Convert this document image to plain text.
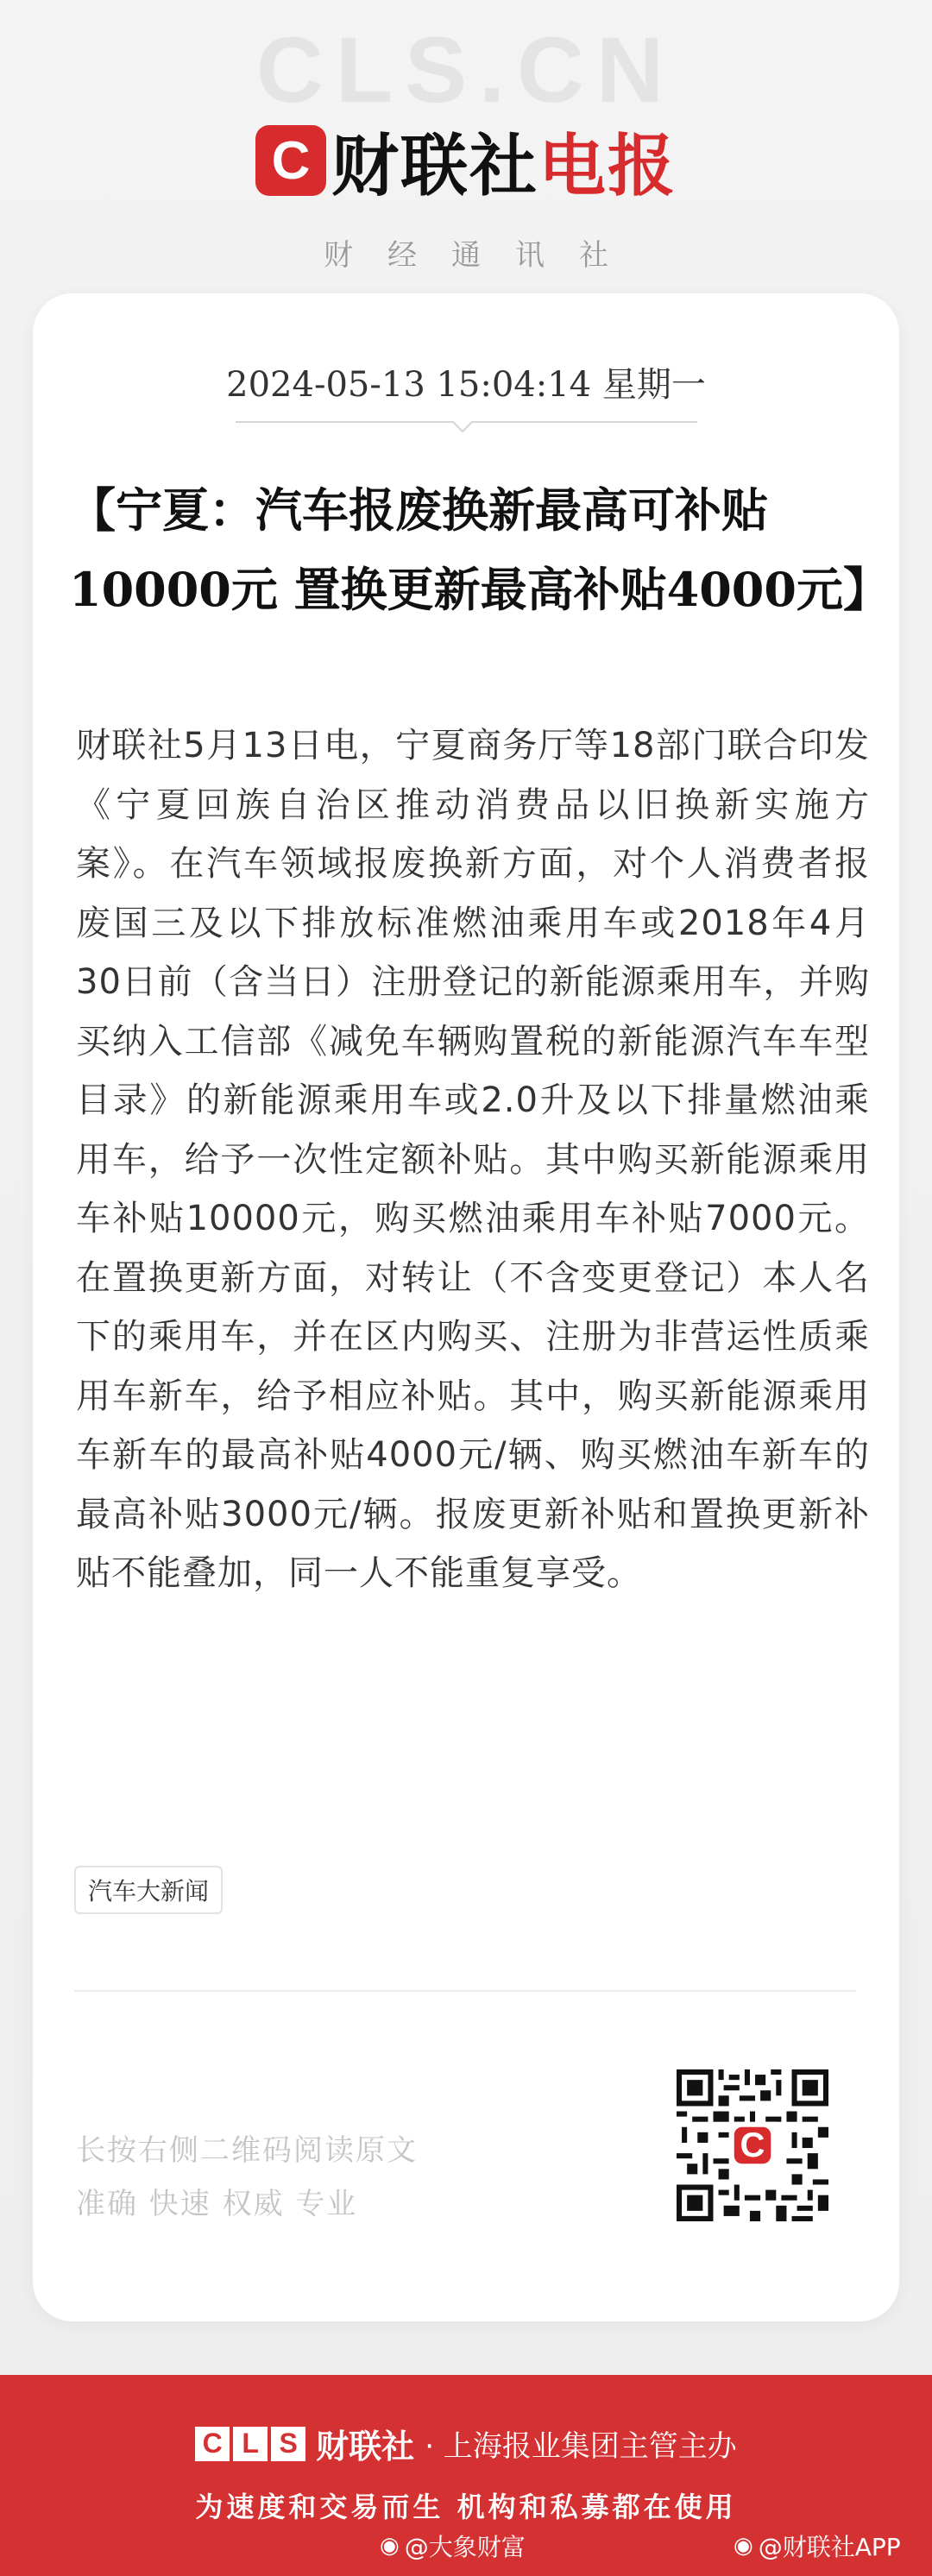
CLS.CN
C 财联社电报
财经通讯社
2024-05-13 15:04:14 星期一
【宁夏：汽车报废换新最高可补贴10000元 置换更新最高补贴4000元】

财联社5月13日电，宁夏商务厅等18部门联合印发《宁夏回族自治区推动消费品以旧换新实施方案》。在汽车领域报废换新方面，对个人消费者报废国三及以下排放标准燃油乘用车或2018年4月30日前（含当日）注册登记的新能源乘用车，并购买纳入工信部《减免车辆购置税的新能源汽车车型目录》的新能源乘用车或2.0升及以下排量燃油乘用车，给予一次性定额补贴。其中购买新能源乘用车补贴10000元，购买燃油乘用车补贴7000元。在置换更新方面，对转让（不含变更登记）本人名下的乘用车，并在区内购买、注册为非营运性质乘用车新车，给予相应补贴。其中，购买新能源乘用车新车的最高补贴4000元/辆、购买燃油车新车的最高补贴3000元/辆。报废更新补贴和置换更新补贴不能叠加，同一人不能重复享受。

汽车大新闻
长按右侧二维码阅读原文
准确 快速 权威 专业
C
C L S 财联社 · 上海报业集团主管主办
为速度和交易而生 机构和私募都在使用
◉ @大象财富	◉ @财联社APP
